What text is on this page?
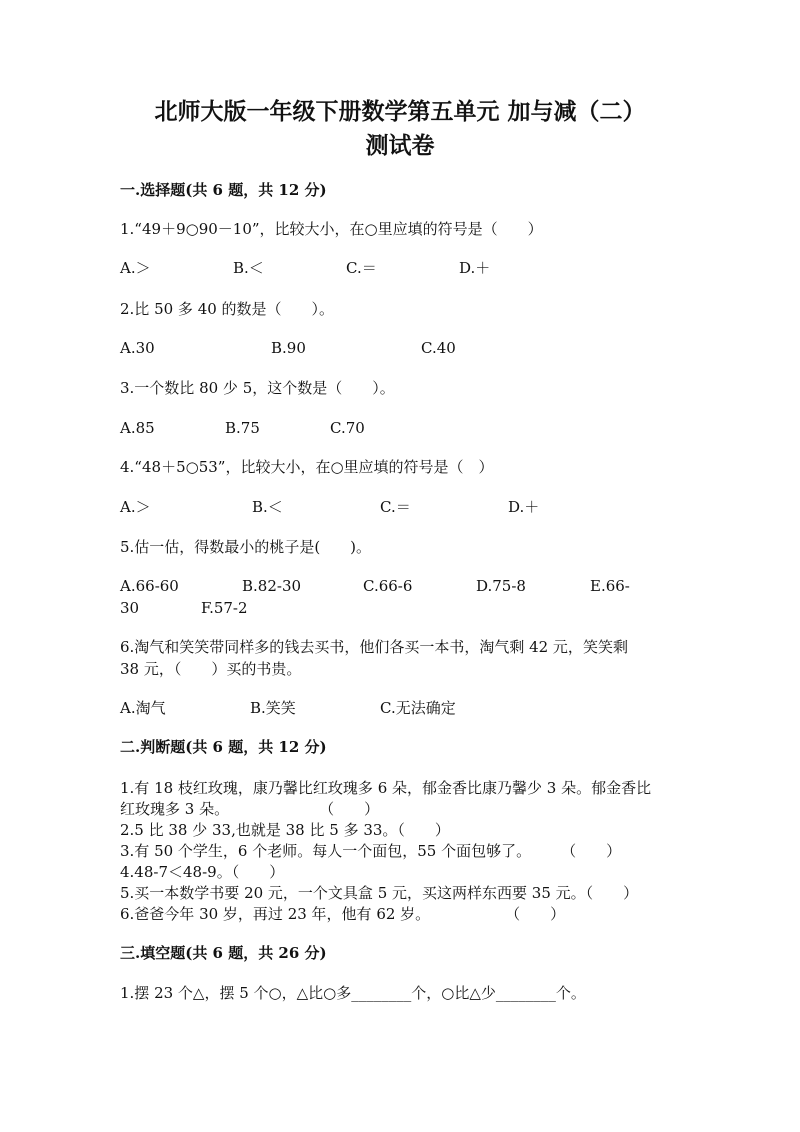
北师大版一年级下册数学第五单元 加与减（二）
测试卷
一.选择题(共 6 题，共 12 分)
1.“49＋9○90－10”，比较大小，在○里应填的符号是（　　）
A.＞	B.＜	C.＝	D.＋
2.比 50 多 40 的数是（　　）。
A.30	B.90	C.40
3.一个数比 80 少 5，这个数是（　　）。
A.85	B.75	C.70
4.“48＋5○53”，比较大小，在○里应填的符号是（　）
A.＞	B.＜	C.＝	D.＋
5.估一估，得数最小的桃子是(　　)。
A.66-60	B.82-30	C.66-6	D.75-8	E.66-
30	F.57-2
6.淘气和笑笑带同样多的钱去买书，他们各买一本书，淘气剩 42 元，笑笑剩
38 元，（　　）买的书贵。
A.淘气	B.笑笑	C.无法确定
二.判断题(共 6 题，共 12 分)
1.有 18 枝红玫瑰，康乃馨比红玫瑰多 6 朵，郁金香比康乃馨少 3 朵。郁金香比
红玫瑰多 3 朵。　　　　　　　（　　）
2.5 比 38 少 33,也就是 38 比 5 多 33。（　　）
3.有 50 个学生，6 个老师。每人一个面包，55 个面包够了。　　　（　　）
4.48-7＜48-9。（　　）
5.买一本数学书要 20 元，一个文具盒 5 元，买这两样东西要 35 元。（　　）
6.爸爸今年 30 岁，再过 23 年，他有 62 岁。　　　　　　（　　）
三.填空题(共 6 题，共 26 分)
1.摆 23 个△，摆 5 个○，△比○多________个，○比△少________个。
